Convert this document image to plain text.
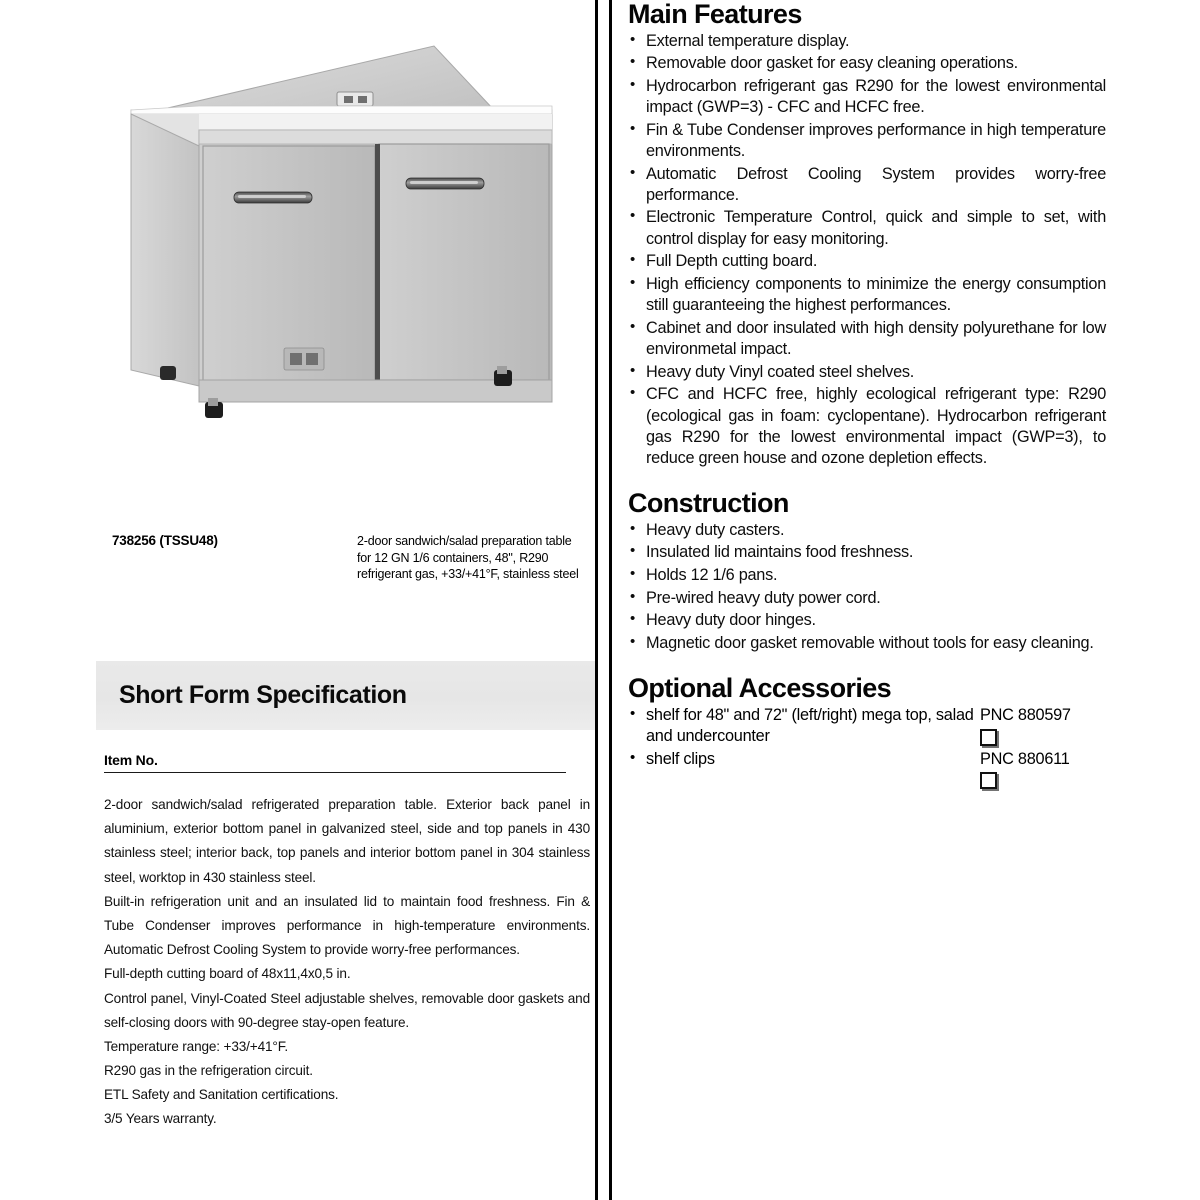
738256 (TSSU48)	2-door sandwich/salad preparation table for 12 GN 1/6 containers, 48", R290 refrigerant gas, +33/+41°F, stainless steel
Short Form Specification
Item No.

2-door sandwich/salad refrigerated preparation table. Exterior back panel in aluminium, exterior bottom panel in galvanized steel, side and top panels in 430 stainless steel; interior back, top panels and interior bottom panel in 304 stainless steel, worktop in 430 stainless steel.

Built-in refrigeration unit and an insulated lid to maintain food freshness. Fin & Tube Condenser improves performance in high-temperature environments. Automatic Defrost Cooling System to provide worry-free performances.

Full-depth cutting board of 48x11,4x0,5 in.

Control panel, Vinyl-Coated Steel adjustable shelves, removable door gaskets and self-closing doors with 90-degree stay-open feature.

Temperature range: +33/+41°F.

R290 gas in the refrigeration circuit.

ETL Safety and Sanitation certifications.

3/5 Years warranty.

Main Features
• External temperature display.
• Removable door gasket for easy cleaning operations.
• Hydrocarbon refrigerant gas R290 for the lowest environmental impact (GWP=3) - CFC and HCFC free.
• Fin & Tube Condenser improves performance in high temperature environments.
• Automatic Defrost Cooling System provides worry-free performance.
• Electronic Temperature Control, quick and simple to set, with control display for easy monitoring.
• Full Depth cutting board.
• High efficiency components to minimize the energy consumption still guaranteeing the highest performances.
• Cabinet and door insulated with high density polyurethane for low environmetal impact.
• Heavy duty Vinyl coated steel shelves.
• CFC and HCFC free, highly ecological refrigerant type: R290 (ecological gas in foam: cyclopentane). Hydrocarbon refrigerant gas R290 for the lowest environmental impact (GWP=3), to reduce green house and ozone depletion effects.
Construction
• Heavy duty casters.
• Insulated lid maintains food freshness.
• Holds 12 1/6 pans.
• Pre-wired heavy duty power cord.
• Heavy duty door hinges.
• Magnetic door gasket removable without tools for easy cleaning.
Optional Accessories
• shelf for 48" and 72" (left/right) mega top, salad and undercounter
PNC 880597
• shelf clips	PNC 880611
